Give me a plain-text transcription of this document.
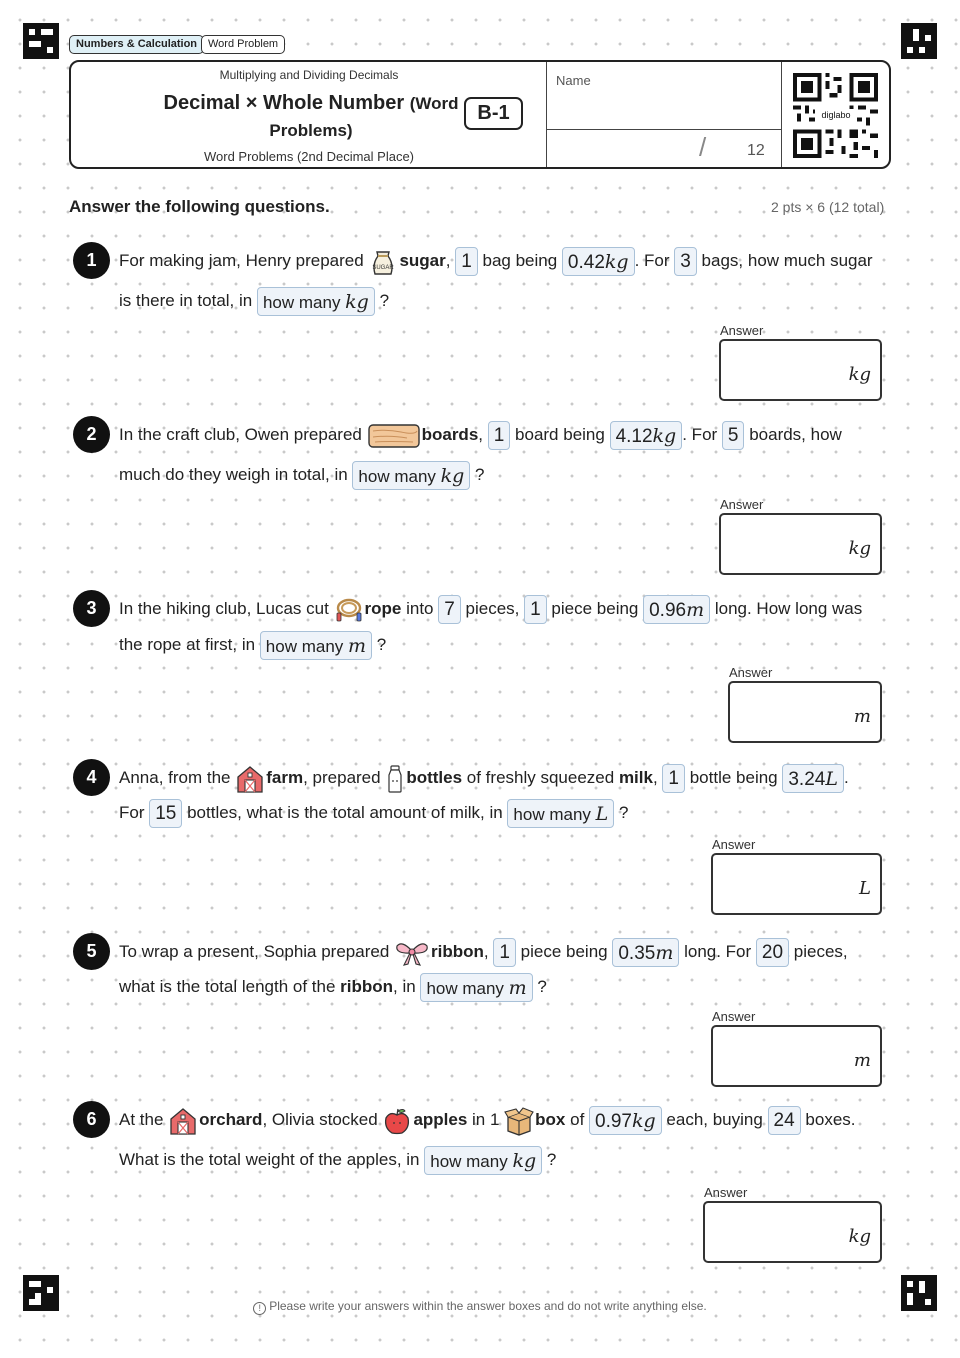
Numbers & Calculation Word Problem
Multiplying and Dividing Decimals
Decimal × Whole Number (Word
Problems)
Word Problems (2nd Decimal Place)
B-1
Name
/	12
diglabo
Answer the following questions.	2 pts × 6 (12 total)
1	For making jam, Henry prepared SUGAR sugar, 1 bag being 0.42kg . For 3 bags, how much sugar
is there in total, in how many kg ?
Answer
kg
2	In the craft club, Owen prepared	boards, 1 board being 4.12kg . For 5 boards, how
much do they weigh in total, in how many kg ?
Answer
kg
3	In the hiking club, Lucas cut
rope into 7 pieces, 1 piece being 0.96m long. How long was
the rope at first, in how many m ?
Answer
m
4	Anna, from the
farm, prepared
bottles of freshly squeezed milk, 1 bottle being 3.24L .
For 15 bottles, what is the total amount of milk, in how many L ?
Answer
L
5	To wrap a present, Sophia prepared
ribbon, 1 piece being 0.35m long. For 20 pieces,
what is the total length of the ribbon, in how many m ?
Answer
m
6	At the
orchard, Olivia stocked
apples in 1
box of 0.97kg each, buying 24 boxes.
What is the total weight of the apples, in how many kg ?
Answer
kg
! Please write your answers within the answer boxes and do not write anything else.
